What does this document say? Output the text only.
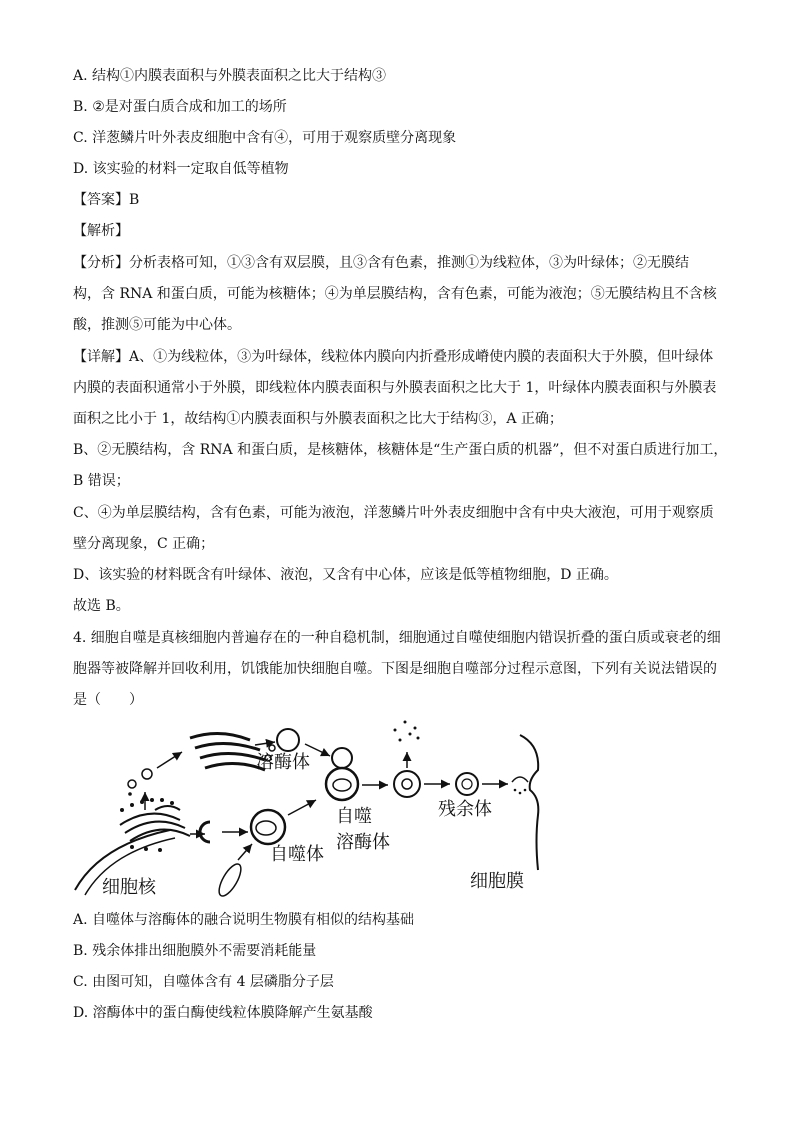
A. 结构①内膜表面积与外膜表面积之比大于结构③
B. ②是对蛋白质合成和加工的场所
C. 洋葱鳞片叶外表皮细胞中含有④，可用于观察质壁分离现象
D. 该实验的材料一定取自低等植物
【答案】B
【解析】
【分析】分析表格可知，①③含有双层膜，且③含有色素，推测①为线粒体，③为叶绿体；②无膜结
构，含 RNA 和蛋白质，可能为核糖体；④为单层膜结构，含有色素，可能为液泡；⑤无膜结构且不含核
酸，推测⑤可能为中心体。
【详解】A、①为线粒体，③为叶绿体，线粒体内膜向内折叠形成嵴使内膜的表面积大于外膜，但叶绿体
内膜的表面积通常小于外膜，即线粒体内膜表面积与外膜表面积之比大于 1，叶绿体内膜表面积与外膜表
面积之比小于 1，故结构①内膜表面积与外膜表面积之比大于结构③，A 正确；
B、②无膜结构，含 RNA 和蛋白质，是核糖体，核糖体是“生产蛋白质的机器”，但不对蛋白质进行加工，
B 错误；
C、④为单层膜结构，含有色素，可能为液泡，洋葱鳞片叶外表皮细胞中含有中央大液泡，可用于观察质
壁分离现象，C 正确；
D、该实验的材料既含有叶绿体、液泡，又含有中心体，应该是低等植物细胞，D 正确。
故选 B。
4. 细胞自噬是真核细胞内普遍存在的一种自稳机制，细胞通过自噬使细胞内错误折叠的蛋白质或衰老的细
胞器等被降解并回收利用，饥饿能加快细胞自噬。下图是细胞自噬部分过程示意图，下列有关说法错误的
是（　　）
溶酶体
自噬体
自噬
溶酶体
残余体
细胞膜
细胞核
A. 自噬体与溶酶体的融合说明生物膜有相似的结构基础
B. 残余体排出细胞膜外不需要消耗能量
C. 由图可知，自噬体含有 4 层磷脂分子层
D. 溶酶体中的蛋白酶使线粒体膜降解产生氨基酸
